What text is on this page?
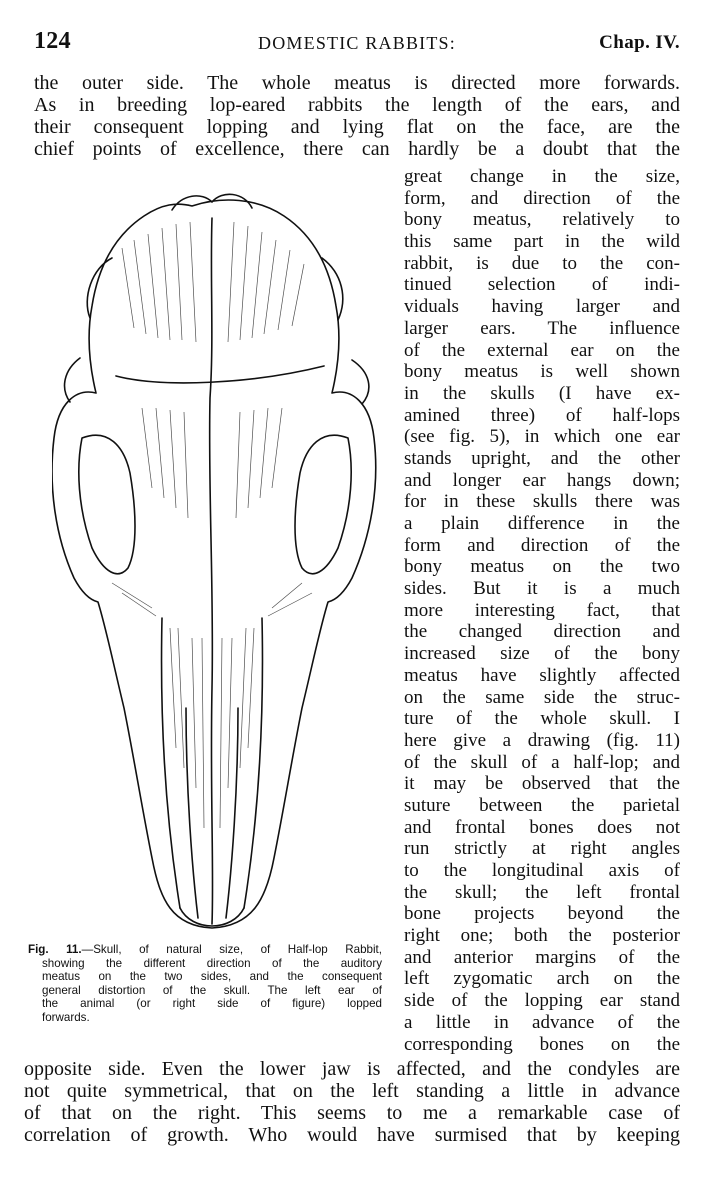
124	DOMESTIC RABBITS:	Chap. IV.
the outer side. The whole meatus is directed more forwards.
As in breeding lop-eared rabbits the length of the ears, and
their consequent lopping and lying flat on the face, are the
chief points of excellence, there can hardly be a doubt that the
great change in the size,
form, and direction of the
bony meatus, relatively to
this same part in the wild
rabbit, is due to the con-
tinued selection of indi-
viduals having larger and
larger ears. The influence
of the external ear on the
bony meatus is well shown
in the skulls (I have ex-
amined three) of half-lops
(see fig. 5), in which one ear
stands upright, and the other
and longer ear hangs down;
for in these skulls there was
a plain difference in the
form and direction of the
bony meatus on the two
sides. But it is a much
more interesting fact, that
the changed direction and
increased size of the bony
meatus have slightly affected
on the same side the struc-
ture of the whole skull. I
here give a drawing (fig. 11)
of the skull of a half-lop; and
it may be observed that the
suture between the parietal
and frontal bones does not
run strictly at right angles
to the longitudinal axis of
the skull; the left frontal
bone projects beyond the
right one; both the posterior
and anterior margins of the
left zygomatic arch on the
side of the lopping ear stand
a little in advance of the
corresponding bones on the
Fig. 11.—Skull, of natural size, of Half-lop Rabbit,
showing the different direction of the auditory
meatus on the two sides, and the consequent
general distortion of the skull. The left ear of
the animal (or right side of figure) lopped
forwards.
opposite side. Even the lower jaw is affected, and the condyles are
not quite symmetrical, that on the left standing a little in advance
of that on the right. This seems to me a remarkable case of
correlation of growth. Who would have surmised that by keeping
